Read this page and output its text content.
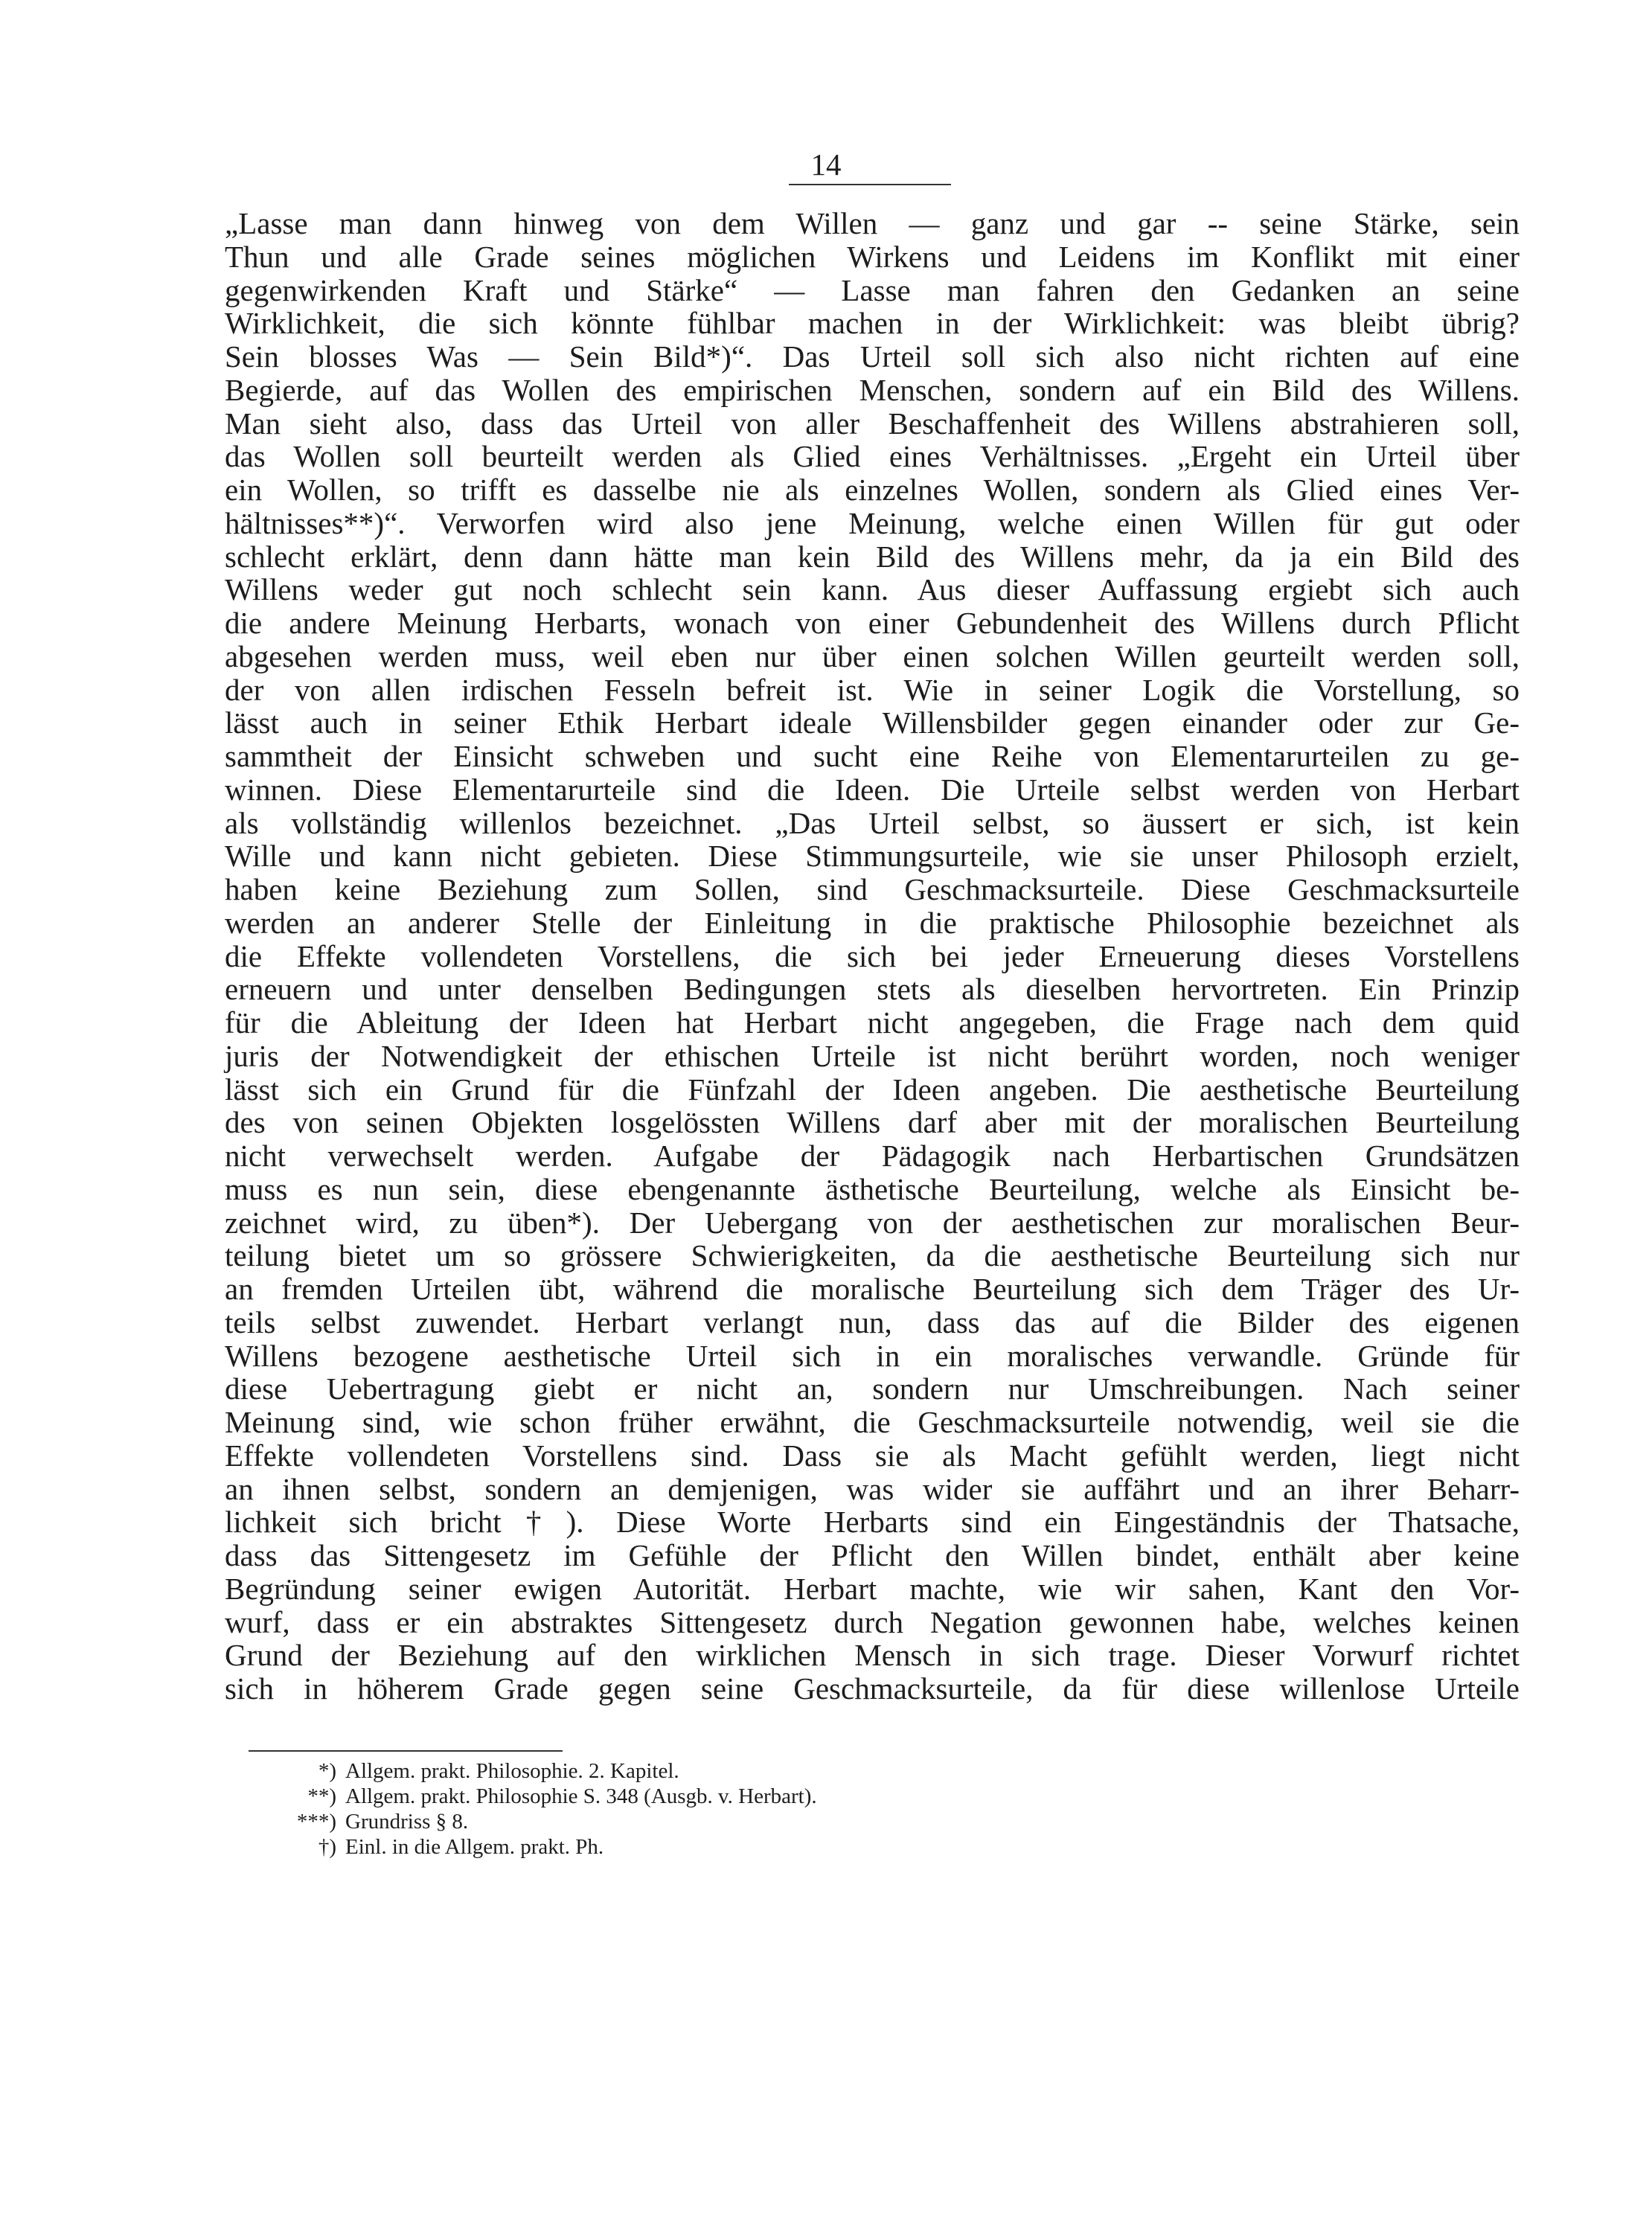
14
„Lasse man dann hinweg von dem Willen — ganz und gar -- seine Stärke, sein
Thun und alle Grade seines möglichen Wirkens und Leidens im Konflikt mit einer
gegenwirkenden Kraft und Stärke“ — Lasse man fahren den Gedanken an seine
Wirklichkeit, die sich könnte fühlbar machen in der Wirklichkeit: was bleibt übrig?
Sein blosses Was — Sein Bild*)“. Das Urteil soll sich also nicht richten auf eine
Begierde, auf das Wollen des empirischen Menschen, sondern auf ein Bild des Willens.
Man sieht also, dass das Urteil von aller Beschaffenheit des Willens abstrahieren soll,
das Wollen soll beurteilt werden als Glied eines Verhältnisses. „Ergeht ein Urteil über
ein Wollen, so trifft es dasselbe nie als einzelnes Wollen, sondern als Glied eines Ver-
hältnisses**)“. Verworfen wird also jene Meinung, welche einen Willen für gut oder
schlecht erklärt, denn dann hätte man kein Bild des Willens mehr, da ja ein Bild des
Willens weder gut noch schlecht sein kann. Aus dieser Auffassung ergiebt sich auch
die andere Meinung Herbarts, wonach von einer Gebundenheit des Willens durch Pflicht
abgesehen werden muss, weil eben nur über einen solchen Willen geurteilt werden soll,
der von allen irdischen Fesseln befreit ist. Wie in seiner Logik die Vorstellung, so
lässt auch in seiner Ethik Herbart ideale Willensbilder gegen einander oder zur Ge-
sammtheit der Einsicht schweben und sucht eine Reihe von Elementarurteilen zu ge-
winnen. Diese Elementarurteile sind die Ideen. Die Urteile selbst werden von Herbart
als vollständig willenlos bezeichnet. „Das Urteil selbst, so äussert er sich, ist kein
Wille und kann nicht gebieten. Diese Stimmungsurteile, wie sie unser Philosoph erzielt,
haben keine Beziehung zum Sollen, sind Geschmacksurteile. Diese Geschmacksurteile
werden an anderer Stelle der Einleitung in die praktische Philosophie bezeichnet als
die Effekte vollendeten Vorstellens, die sich bei jeder Erneuerung dieses Vorstellens
erneuern und unter denselben Bedingungen stets als dieselben hervortreten. Ein Prinzip
für die Ableitung der Ideen hat Herbart nicht angegeben, die Frage nach dem quid
juris der Notwendigkeit der ethischen Urteile ist nicht berührt worden, noch weniger
lässt sich ein Grund für die Fünfzahl der Ideen angeben. Die aesthetische Beurteilung
des von seinen Objekten losgelössten Willens darf aber mit der moralischen Beurteilung
nicht verwechselt werden. Aufgabe der Pädagogik nach Herbartischen Grundsätzen
muss es nun sein, diese ebengenannte ästhetische Beurteilung, welche als Einsicht be-
zeichnet wird, zu üben*). Der Uebergang von der aesthetischen zur moralischen Beur-
teilung bietet um so grössere Schwierigkeiten, da die aesthetische Beurteilung sich nur
an fremden Urteilen übt, während die moralische Beurteilung sich dem Träger des Ur-
teils selbst zuwendet. Herbart verlangt nun, dass das auf die Bilder des eigenen
Willens bezogene aesthetische Urteil sich in ein moralisches verwandle. Gründe für
diese Uebertragung giebt er nicht an, sondern nur Umschreibungen. Nach seiner
Meinung sind, wie schon früher erwähnt, die Geschmacksurteile notwendig, weil sie die
Effekte vollendeten Vorstellens sind. Dass sie als Macht gefühlt werden, liegt nicht
an ihnen selbst, sondern an demjenigen, was wider sie auffährt und an ihrer Beharr-
lichkeit sich bricht†). Diese Worte Herbarts sind ein Eingeständnis der Thatsache,
dass das Sittengesetz im Gefühle der Pflicht den Willen bindet, enthält aber keine
Begründung seiner ewigen Autorität. Herbart machte, wie wir sahen, Kant den Vor-
wurf, dass er ein abstraktes Sittengesetz durch Negation gewonnen habe, welches keinen
Grund der Beziehung auf den wirklichen Mensch in sich trage. Dieser Vorwurf richtet
sich in höherem Grade gegen seine Geschmacksurteile, da für diese willenlose Urteile
*) Allgem. prakt. Philosophie. 2. Kapitel.
**) Allgem. prakt. Philosophie S. 348 (Ausgb. v. Herbart).
***) Grundriss § 8.
†) Einl. in die Allgem. prakt. Ph.
